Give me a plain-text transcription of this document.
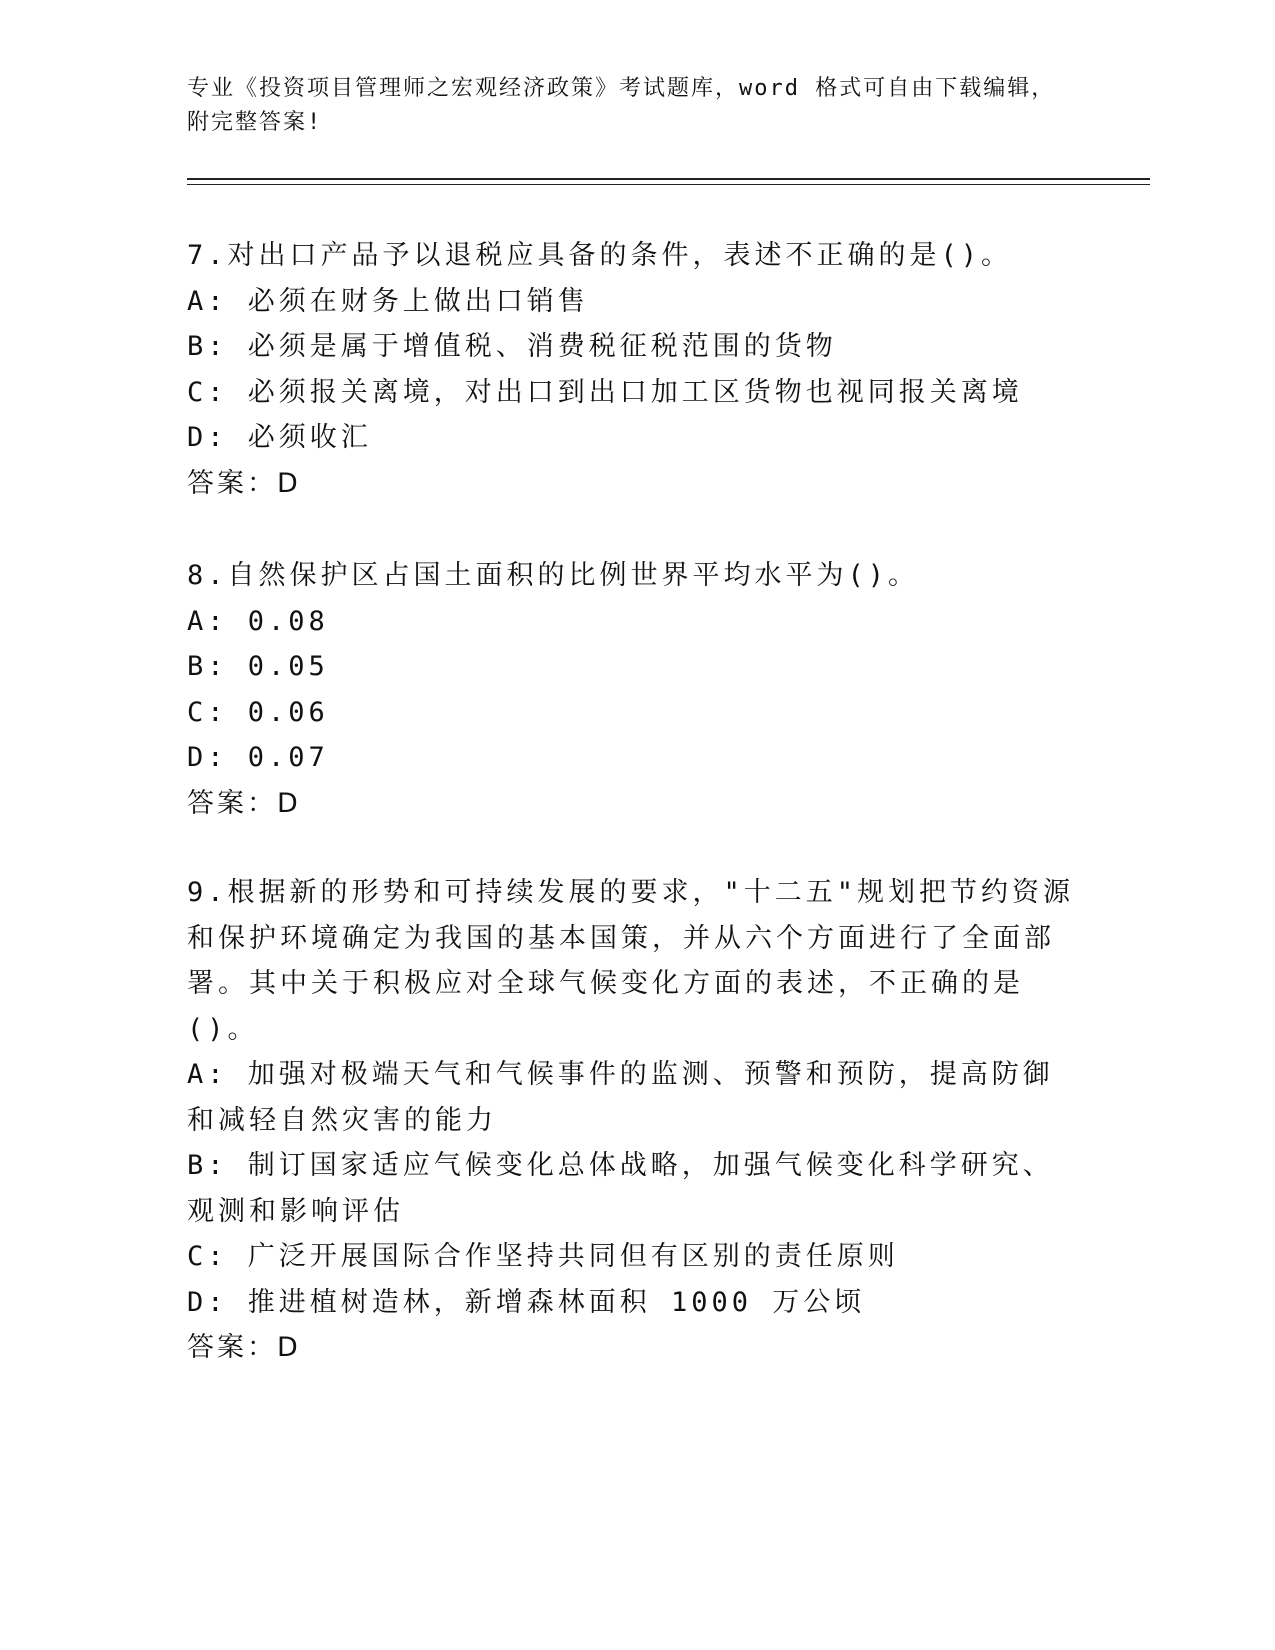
专业《投资项目管理师之宏观经济政策》考试题库，word 格式可自由下载编辑，
附完整答案!
7.对出口产品予以退税应具备的条件，表述不正确的是()。
A: 必须在财务上做出口销售
B: 必须是属于增值税、消费税征税范围的货物
C: 必须报关离境，对出口到出口加工区货物也视同报关离境
D: 必须收汇
答案：D
8.自然保护区占国土面积的比例世界平均水平为()。
A: 0.08
B: 0.05
C: 0.06
D: 0.07
答案：D
9.根据新的形势和可持续发展的要求，"十二五"规划把节约资源和保护环境确定为我国的基本国策，并从六个方面进行了全面部署。其中关于积极应对全球气候变化方面的表述，不正确的是()。
A: 加强对极端天气和气候事件的监测、预警和预防，提高防御和减轻自然灾害的能力
B: 制订国家适应气候变化总体战略，加强气候变化科学研究、观测和影响评估
C: 广泛开展国际合作坚持共同但有区别的责任原则
D: 推进植树造林，新增森林面积 1000 万公顷
答案：D
